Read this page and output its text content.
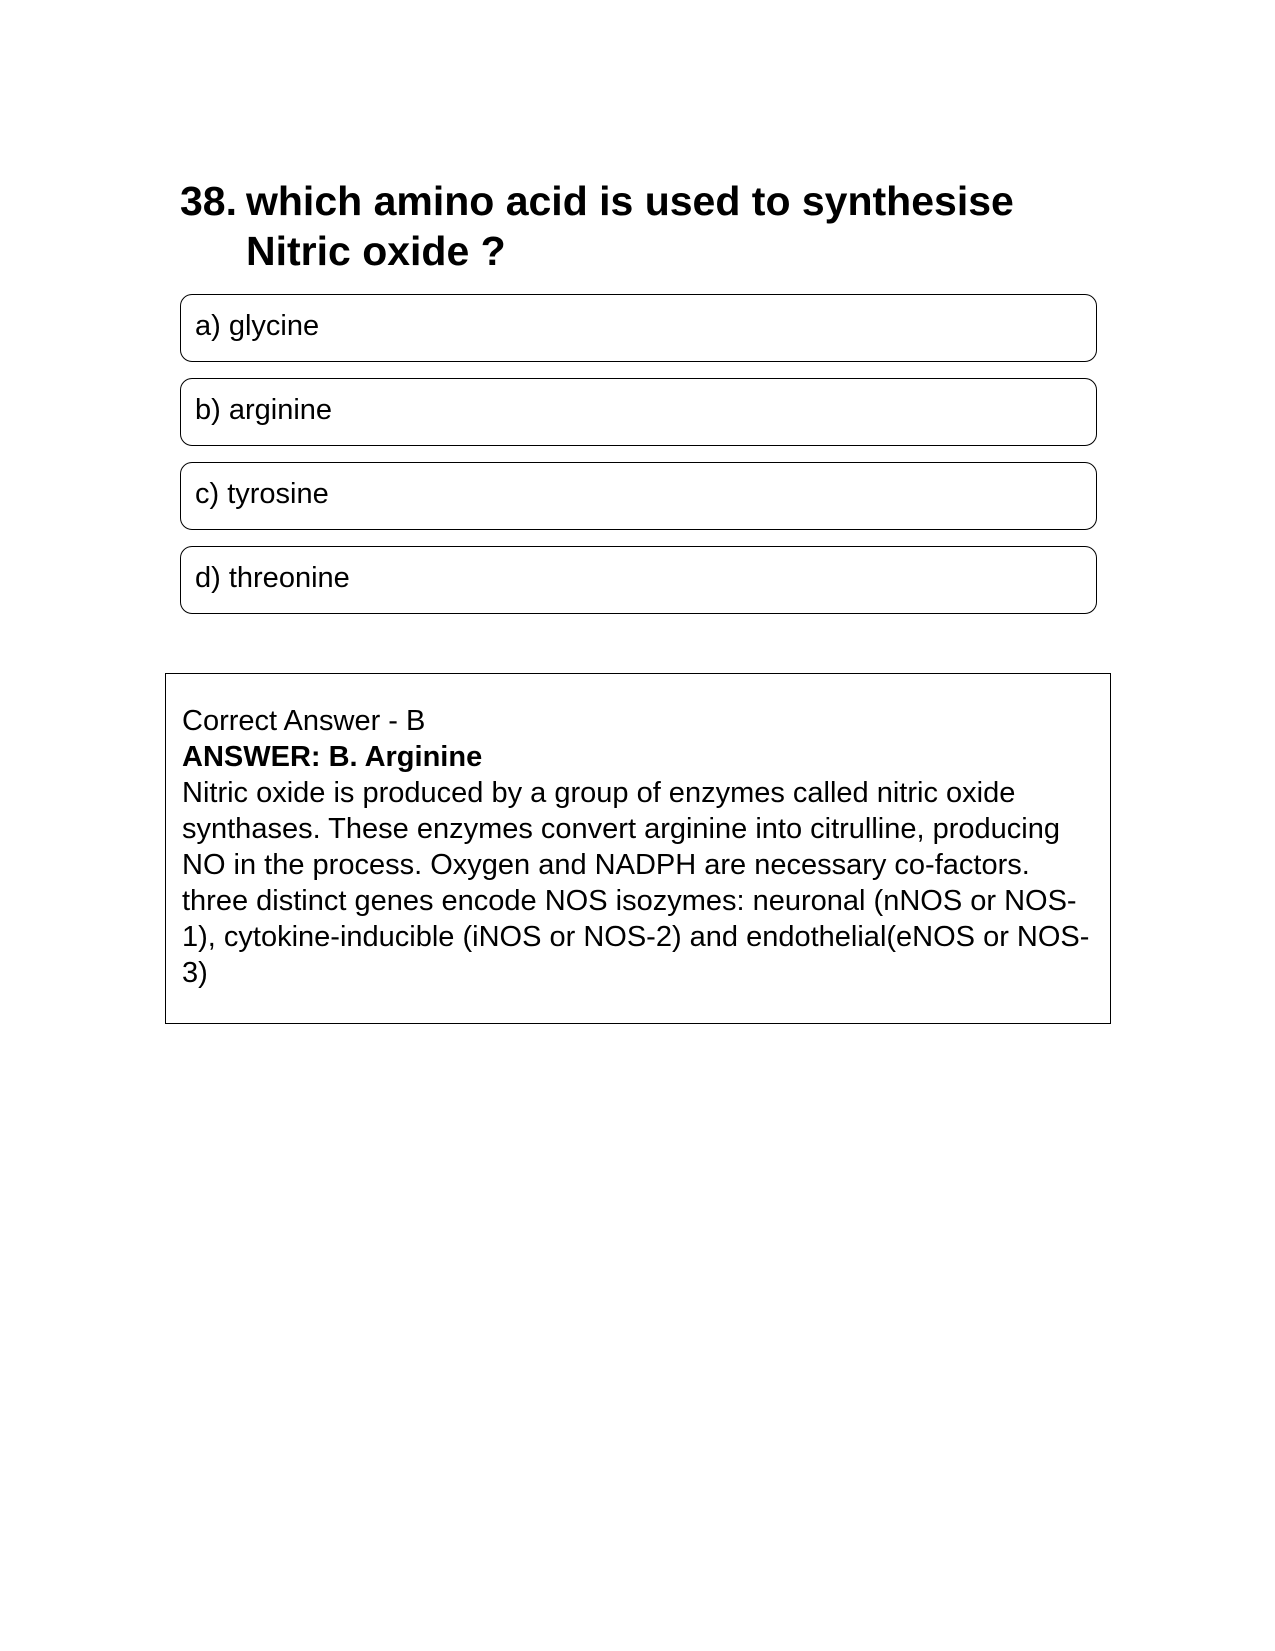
38. which amino acid is used to synthesise Nitric oxide ?
a) glycine
b) arginine
c) tyrosine
d) threonine
Correct Answer - B
ANSWER: B. Arginine
Nitric oxide is produced by a group of enzymes called nitric oxide synthases. These enzymes convert arginine into citrulline, producing NO in the process. Oxygen and NADPH are necessary co-factors. three distinct genes encode NOS isozymes: neuronal (nNOS or NOS-1), cytokine-inducible (iNOS or NOS-2) and endothelial(eNOS or NOS-3)
